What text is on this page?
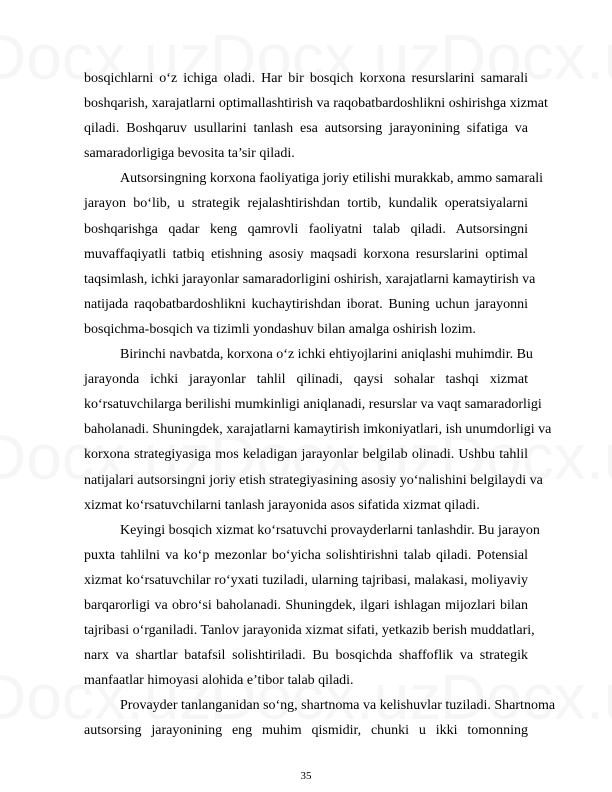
bosqichlarni o‘z ichiga oladi. Har bir bosqich korxona resurslarini samarali
boshqarish, xarajatlarni optimallashtirish va raqobatbardoshlikni oshirishga xizmat
qiladi. Boshqaruv usullarini tanlash esa autsorsing jarayonining sifatiga va
samaradorligiga bevosita ta’sir qiladi.
Autsorsingning korxona faoliyatiga joriy etilishi murakkab, ammo samarali
jarayon bo‘lib, u strategik rejalashtirishdan tortib, kundalik operatsiyalarni
boshqarishga qadar keng qamrovli faoliyatni talab qiladi. Autsorsingni
muvaffaqiyatli tatbiq etishning asosiy maqsadi korxona resurslarini optimal
taqsimlash, ichki jarayonlar samaradorligini oshirish, xarajatlarni kamaytirish va
natijada raqobatbardoshlikni kuchaytirishdan iborat. Buning uchun jarayonni
bosqichma-bosqich va tizimli yondashuv bilan amalga oshirish lozim.
Birinchi navbatda, korxona o‘z ichki ehtiyojlarini aniqlashi muhimdir. Bu
jarayonda ichki jarayonlar tahlil qilinadi, qaysi sohalar tashqi xizmat
ko‘rsatuvchilarga berilishi mumkinligi aniqlanadi, resurslar va vaqt samaradorligi
baholanadi. Shuningdek, xarajatlarni kamaytirish imkoniyatlari, ish unumdorligi va
korxona strategiyasiga mos keladigan jarayonlar belgilab olinadi. Ushbu tahlil
natijalari autsorsingni joriy etish strategiyasining asosiy yo‘nalishini belgilaydi va
xizmat ko‘rsatuvchilarni tanlash jarayonida asos sifatida xizmat qiladi.
Keyingi bosqich xizmat ko‘rsatuvchi provayderlarni tanlashdir. Bu jarayon
puxta tahlilni va ko‘p mezonlar bo‘yicha solishtirishni talab qiladi. Potensial
xizmat ko‘rsatuvchilar ro‘yxati tuziladi, ularning tajribasi, malakasi, moliyaviy
barqarorligi va obro‘si baholanadi. Shuningdek, ilgari ishlagan mijozlari bilan
tajribasi o‘rganiladi. Tanlov jarayonida xizmat sifati, yetkazib berish muddatlari,
narx va shartlar batafsil solishtiriladi. Bu bosqichda shaffoflik va strategik
manfaatlar himoyasi alohida e’tibor talab qiladi.
Provayder tanlanganidan so‘ng, shartnoma va kelishuvlar tuziladi. Shartnoma
autsorsing jarayonining eng muhim qismidir, chunki u ikki tomonning
35
